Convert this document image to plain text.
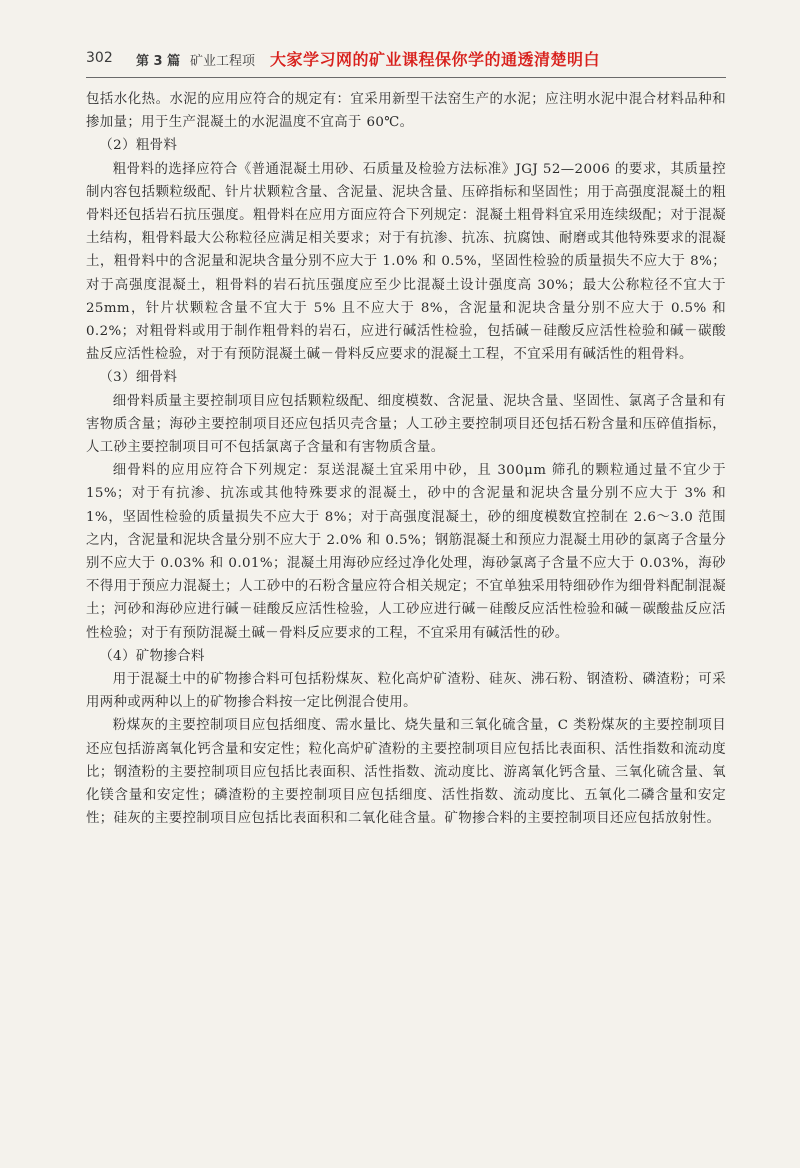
302 第 3 篇 矿业工程项 大家学习网的矿业课程保你学的通透清楚明白

包括水化热。水泥的应用应符合的规定有：宜采用新型干法窑生产的水泥；应注明水泥中混合材料品种和掺加量；用于生产混凝土的水泥温度不宜高于 60℃。

（2）粗骨料

粗骨料的选择应符合《普通混凝土用砂、石质量及检验方法标准》JGJ 52—2006 的要求，其质量控制内容包括颗粒级配、针片状颗粒含量、含泥量、泥块含量、压碎指标和坚固性；用于高强度混凝土的粗骨料还包括岩石抗压强度。粗骨料在应用方面应符合下列规定：混凝土粗骨料宜采用连续级配；对于混凝土结构，粗骨料最大公称粒径应满足相关要求；对于有抗渗、抗冻、抗腐蚀、耐磨或其他特殊要求的混凝土，粗骨料中的含泥量和泥块含量分别不应大于 1.0% 和 0.5%，坚固性检验的质量损失不应大于 8%；对于高强度混凝土，粗骨料的岩石抗压强度应至少比混凝土设计强度高 30%；最大公称粒径不宜大于 25mm，针片状颗粒含量不宜大于 5% 且不应大于 8%，含泥量和泥块含量分别不应大于 0.5% 和 0.2%；对粗骨料或用于制作粗骨料的岩石，应进行碱活性检验，包括碱－硅酸反应活性检验和碱－碳酸盐反应活性检验，对于有预防混凝土碱－骨料反应要求的混凝土工程，不宜采用有碱活性的粗骨料。

（3）细骨料

细骨料质量主要控制项目应包括颗粒级配、细度模数、含泥量、泥块含量、坚固性、氯离子含量和有害物质含量；海砂主要控制项目还应包括贝壳含量；人工砂主要控制项目还包括石粉含量和压碎值指标，人工砂主要控制项目可不包括氯离子含量和有害物质含量。

细骨料的应用应符合下列规定：泵送混凝土宜采用中砂，且 300μm 筛孔的颗粒通过量不宜少于 15%；对于有抗渗、抗冻或其他特殊要求的混凝土，砂中的含泥量和泥块含量分别不应大于 3% 和 1%，坚固性检验的质量损失不应大于 8%；对于高强度混凝土，砂的细度模数宜控制在 2.6～3.0 范围之内，含泥量和泥块含量分别不应大于 2.0% 和 0.5%；钢筋混凝土和预应力混凝土用砂的氯离子含量分别不应大于 0.03% 和 0.01%；混凝土用海砂应经过净化处理，海砂氯离子含量不应大于 0.03%，海砂不得用于预应力混凝土；人工砂中的石粉含量应符合相关规定；不宜单独采用特细砂作为细骨料配制混凝土；河砂和海砂应进行碱－硅酸反应活性检验，人工砂应进行碱－硅酸反应活性检验和碱－碳酸盐反应活性检验；对于有预防混凝土碱－骨料反应要求的工程，不宜采用有碱活性的砂。

（4）矿物掺合料

用于混凝土中的矿物掺合料可包括粉煤灰、粒化高炉矿渣粉、硅灰、沸石粉、钢渣粉、磷渣粉；可采用两种或两种以上的矿物掺合料按一定比例混合使用。

粉煤灰的主要控制项目应包括细度、需水量比、烧失量和三氧化硫含量，C 类粉煤灰的主要控制项目还应包括游离氧化钙含量和安定性；粒化高炉矿渣粉的主要控制项目应包括比表面积、活性指数和流动度比；钢渣粉的主要控制项目应包括比表面积、活性指数、流动度比、游离氧化钙含量、三氧化硫含量、氧化镁含量和安定性；磷渣粉的主要控制项目应包括细度、活性指数、流动度比、五氧化二磷含量和安定性；硅灰的主要控制项目应包括比表面积和二氧化硅含量。矿物掺合料的主要控制项目还应包括放射性。
